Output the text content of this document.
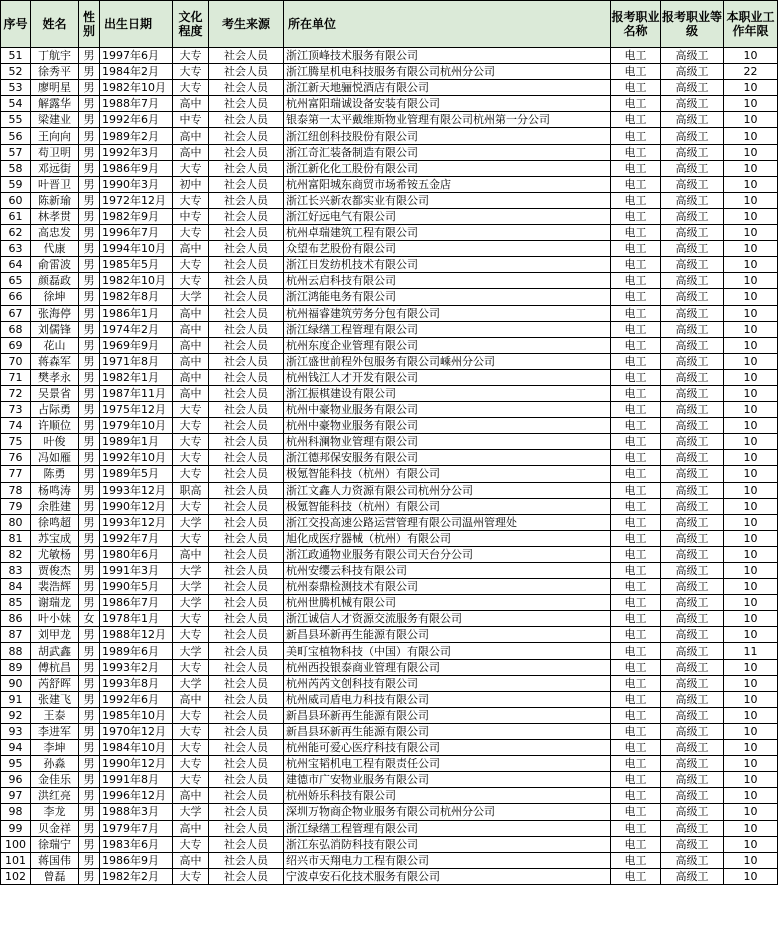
序号	姓名	性别	出生日期	文化程度	考生来源	所在单位	报考职业名称	报考职业等级	本职业工作年限
51	丁航宇	男	1997年6月	大专	社会人员	浙江顶峰技术服务有限公司	电工	高级工	10
52	徐秀平	男	1984年2月	大专	社会人员	浙江腾星机电科技服务有限公司杭州分公司	电工	高级工	22
53	廖明星	男	1982年10月	大专	社会人员	浙江新天地骊悦酒店有限公司	电工	高级工	10
54	解露华	男	1988年7月	高中	社会人员	杭州富阳瑞诚设备安装有限公司	电工	高级工	10
55	梁建业	男	1992年6月	中专	社会人员	银泰第一太平戴维斯物业管理有限公司杭州第一分公司	电工	高级工	10
56	王向向	男	1989年2月	高中	社会人员	浙江纽创科技股份有限公司	电工	高级工	10
57	苟卫明	男	1992年3月	高中	社会人员	浙江奇汇装备制造有限公司	电工	高级工	10
58	邓远街	男	1986年9月	大专	社会人员	浙江新化化工股份有限公司	电工	高级工	10
59	叶晋卫	男	1990年3月	初中	社会人员	杭州富阳城东商贸市场希铵五金店	电工	高级工	10
60	陈新瑜	男	1972年12月	大专	社会人员	浙江长兴新农都实业有限公司	电工	高级工	10
61	林孝贯	男	1982年9月	中专	社会人员	浙江好远电气有限公司	电工	高级工	10
62	高忠发	男	1996年7月	大专	社会人员	杭州卓瑞建筑工程有限公司	电工	高级工	10
63	代康	男	1994年10月	高中	社会人员	众望布艺股份有限公司	电工	高级工	10
64	俞雷波	男	1985年5月	大专	社会人员	浙江日发纺机技术有限公司	电工	高级工	10
65	颜磊政	男	1982年10月	大专	社会人员	杭州云启科技有限公司	电工	高级工	10
66	徐坤	男	1982年8月	大学	社会人员	浙江鸿能电务有限公司	电工	高级工	10
67	张海停	男	1986年1月	高中	社会人员	杭州福睿建筑劳务分包有限公司	电工	高级工	10
68	刘儒锋	男	1974年2月	高中	社会人员	浙江绿缮工程管理有限公司	电工	高级工	10
69	花山	男	1969年9月	高中	社会人员	杭州东度企业管理有限公司	电工	高级工	10
70	蒋森军	男	1971年8月	高中	社会人员	浙江盛世前程外包服务有限公司嵊州分公司	电工	高级工	10
71	樊孝永	男	1982年1月	高中	社会人员	杭州钱江人才开发有限公司	电工	高级工	10
72	吴景省	男	1987年11月	高中	社会人员	浙江振棋建设有限公司	电工	高级工	10
73	占际勇	男	1975年12月	大专	社会人员	杭州中豪物业服务有限公司	电工	高级工	10
74	许顺位	男	1979年10月	大专	社会人员	杭州中豪物业服务有限公司	电工	高级工	10
75	叶俊	男	1989年1月	大专	社会人员	杭州科澜物业管理有限公司	电工	高级工	10
76	冯如雁	男	1992年10月	大专	社会人员	浙江德邦保安服务有限公司	电工	高级工	10
77	陈勇	男	1989年5月	大专	社会人员	极氪智能科技（杭州）有限公司	电工	高级工	10
78	杨鸣涛	男	1993年12月	职高	社会人员	浙江文鑫人力资源有限公司杭州分公司	电工	高级工	10
79	余胜建	男	1990年12月	大专	社会人员	极氪智能科技（杭州）有限公司	电工	高级工	10
80	徐鸣超	男	1993年12月	大学	社会人员	浙江交投高速公路运营管理有限公司温州管理处	电工	高级工	10
81	苏宝成	男	1992年7月	大专	社会人员	旭化成医疗器械（杭州）有限公司	电工	高级工	10
82	尤敏杨	男	1980年6月	高中	社会人员	浙江政通物业服务有限公司天台分公司	电工	高级工	10
83	贾俊杰	男	1991年3月	大学	社会人员	杭州安缨云科技有限公司	电工	高级工	10
84	裴浩辉	男	1990年5月	大学	社会人员	杭州泰鼎检测技术有限公司	电工	高级工	10
85	谢瑞龙	男	1986年7月	大学	社会人员	杭州世腾机械有限公司	电工	高级工	10
86	叶小妹	女	1978年1月	大专	社会人员	浙江诚信人才资源交流服务有限公司	电工	高级工	10
87	刘甲龙	男	1988年12月	大专	社会人员	新昌县环新再生能源有限公司	电工	高级工	10
88	胡武鑫	男	1989年6月	大学	社会人员	美町宝植物科技（中国）有限公司	电工	高级工	11
89	傅杭昌	男	1993年2月	大专	社会人员	杭州西投银泰商业管理有限公司	电工	高级工	10
90	芮舒晖	男	1993年8月	大学	社会人员	杭州芮芮文创科技有限公司	电工	高级工	10
91	张建飞	男	1992年6月	高中	社会人员	杭州威司盾电力科技有限公司	电工	高级工	10
92	王泰	男	1985年10月	大专	社会人员	新昌县环新再生能源有限公司	电工	高级工	10
93	李进军	男	1970年12月	大专	社会人员	新昌县环新再生能源有限公司	电工	高级工	10
94	李坤	男	1984年10月	大专	社会人员	杭州能可爱心医疗科技有限公司	电工	高级工	10
95	孙淼	男	1990年12月	大专	社会人员	杭州宝韬机电工程有限责任公司	电工	高级工	10
96	金佳乐	男	1991年8月	大专	社会人员	建德市广安物业服务有限公司	电工	高级工	10
97	洪红亮	男	1996年12月	高中	社会人员	杭州娇乐科技有限公司	电工	高级工	10
98	李龙	男	1988年3月	大学	社会人员	深圳万物商企物业服务有限公司杭州分公司	电工	高级工	10
99	贝金祥	男	1979年7月	高中	社会人员	浙江绿缮工程管理有限公司	电工	高级工	10
100	徐瑞宁	男	1983年6月	大专	社会人员	浙江东弘消防科技有限公司	电工	高级工	10
101	蒋国伟	男	1986年9月	高中	社会人员	绍兴市天翔电力工程有限公司	电工	高级工	10
102	曾磊	男	1982年2月	大专	社会人员	宁波卓安石化技术服务有限公司	电工	高级工	10
